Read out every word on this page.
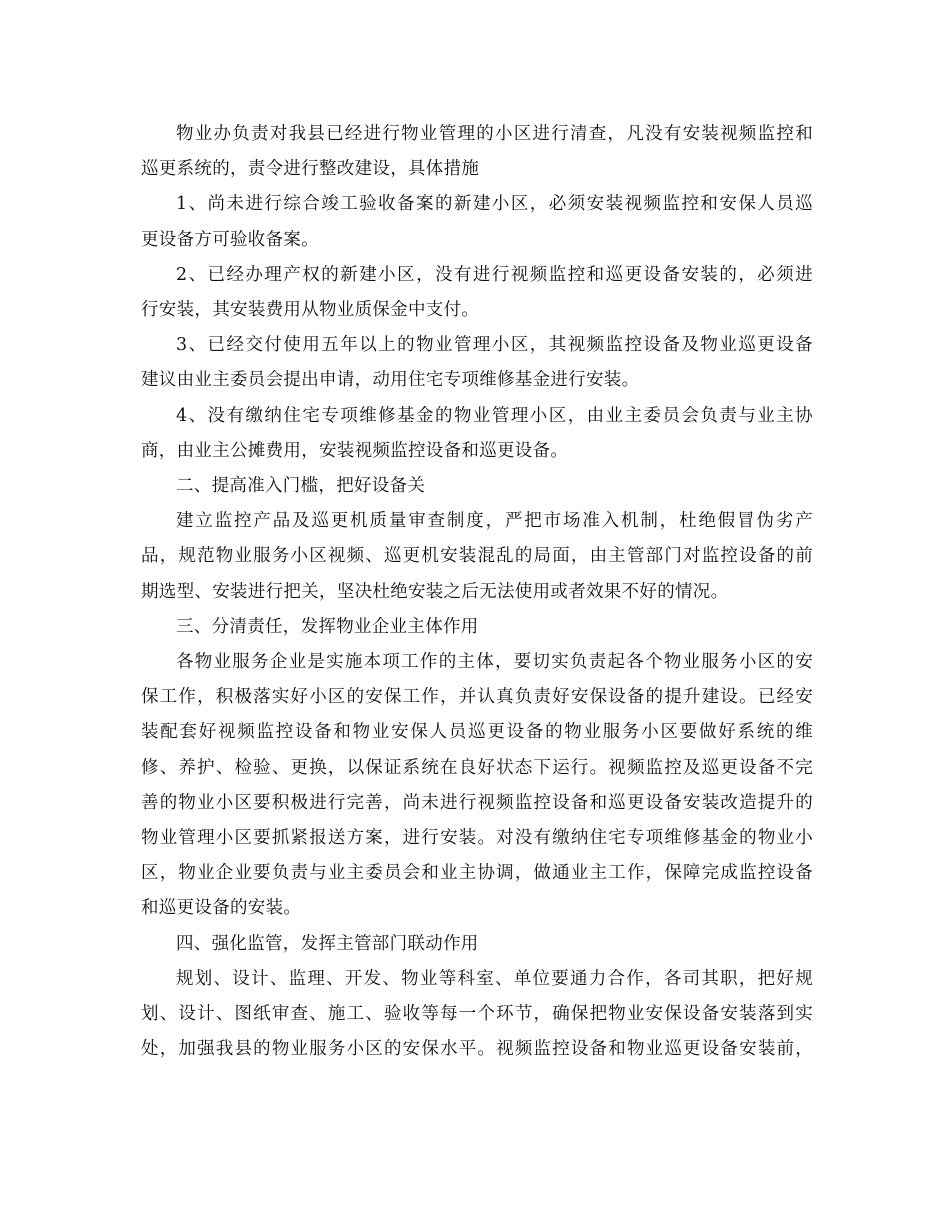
物业办负责对我县已经进行物业管理的小区进行清查，凡没有安装视频监控和
巡更系统的，责令进行整改建设，具体措施

1、尚未进行综合竣工验收备案的新建小区，必须安装视频监控和安保人员巡
更设备方可验收备案。

2、已经办理产权的新建小区，没有进行视频监控和巡更设备安装的，必须进
行安装，其安装费用从物业质保金中支付。

3、已经交付使用五年以上的物业管理小区，其视频监控设备及物业巡更设备
建议由业主委员会提出申请，动用住宅专项维修基金进行安装。

4、没有缴纳住宅专项维修基金的物业管理小区，由业主委员会负责与业主协
商，由业主公摊费用，安装视频监控设备和巡更设备。

二、提高准入门槛，把好设备关

建立监控产品及巡更机质量审查制度，严把市场准入机制，杜绝假冒伪劣产
品，规范物业服务小区视频、巡更机安装混乱的局面，由主管部门对监控设备的前
期选型、安装进行把关，坚决杜绝安装之后无法使用或者效果不好的情况。

三、分清责任，发挥物业企业主体作用

各物业服务企业是实施本项工作的主体，要切实负责起各个物业服务小区的安
保工作，积极落实好小区的安保工作，并认真负责好安保设备的提升建设。已经安
装配套好视频监控设备和物业安保人员巡更设备的物业服务小区要做好系统的维
修、养护、检验、更换，以保证系统在良好状态下运行。视频监控及巡更设备不完
善的物业小区要积极进行完善，尚未进行视频监控设备和巡更设备安装改造提升的
物业管理小区要抓紧报送方案，进行安装。对没有缴纳住宅专项维修基金的物业小
区，物业企业要负责与业主委员会和业主协调，做通业主工作，保障完成监控设备
和巡更设备的安装。

四、强化监管，发挥主管部门联动作用

规划、设计、监理、开发、物业等科室、单位要通力合作，各司其职，把好规
划、设计、图纸审查、施工、验收等每一个环节，确保把物业安保设备安装落到实
处，加强我县的物业服务小区的安保水平。视频监控设备和物业巡更设备安装前，
